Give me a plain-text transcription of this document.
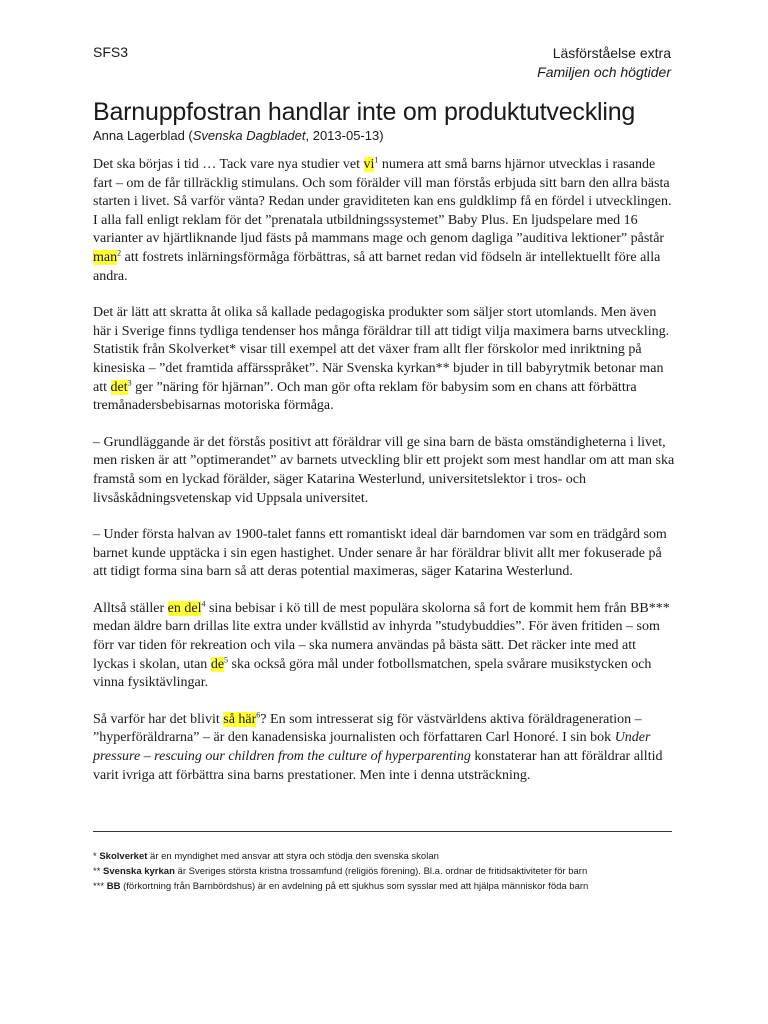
SFS3	Läsförståelse extra
Familjen och högtider
Barnuppfostran handlar inte om produktutveckling
Anna Lagerblad (Svenska Dagbladet, 2013-05-13)

Det ska börjas i tid … Tack vare nya studier vet $vi^1$ numera att små barns hjärnor utvecklas i rasande fart – om de får tillräcklig stimulans. Och som förälder vill man förstås erbjuda sitt barn den allra bästa starten i livet. Så varför vänta? Redan under graviditeten kan ens guldklimp få en fördel i utvecklingen. I alla fall enligt reklam för det ”prenatala utbildningssystemet” Baby Plus. En ljudspelare med 16 varianter av hjärtliknande ljud fästs på mammans mage och genom dagliga ”auditiva lektioner” påstår man$^2$ att fostrets inlärningsförmåga förbättras, så att barnet redan vid födseln är intellektuellt före alla andra.

Det är lätt att skratta åt olika så kallade pedagogiska produkter som säljer stort utomlands. Men även här i Sverige finns tydliga tendenser hos många föräldrar till att tidigt vilja maximera barns utveckling. Statistik från Skolverket* visar till exempel att det växer fram allt fler förskolor med inriktning på kinesiska – ”det framtida affärsspråket”. När Svenska kyrkan** bjuder in till babyrytmik betonar man att $\det^3$ ger ”näring för hjärnan”. Och man gör ofta reklam för babysim som en chans att förbättra tremånadersbebisarnas motoriska förmåga.

– Grundläggande är det förstås positivt att föräldrar vill ge sina barn de bästa omständigheterna i livet, men risken är att ”optimerandet” av barnets utveckling blir ett projekt som mest handlar om att man ska framstå som en lyckad förälder, säger Katarina Westerlund, universitetslektor i tros- och livsåskådningsvetenskap vid Uppsala universitet.

– Under första halvan av 1900-talet fanns ett romantiskt ideal där barndomen var som en trädgård som barnet kunde upptäcka i sin egen hastighet. Under senare år har föräldrar blivit allt mer fokuserade på att tidigt forma sina barn så att deras potential maximeras, säger Katarina Westerlund.

Alltså ställer en del$^4$ sina bebisar i kö till de mest populära skolorna så fort de kommit hem från BB*** medan äldre barn drillas lite extra under kvällstid av inhyrda ”studybuddies”. För även fritiden – som förr var tiden för rekreation och vila – ska numera användas på bästa sätt. Det räcker inte med att lyckas i skolan, utan $de^5$ ska också göra mål under fotbollsmatchen, spela svårare musikstycken och vinna fysiktävlingar.

Så varför har det blivit så här$^6$? En som intresserat sig för västvärldens aktiva föräldrageneration – ”hyperföräldrarna” – är den kanadensiska journalisten och författaren Carl Honoré. I sin bok Under pressure – rescuing our children from the culture of hyperparenting konstaterar han att föräldrar alltid varit ivriga att förbättra sina barns prestationer. Men inte i denna utsträckning.

* Skolverket är en myndighet med ansvar att styra och stödja den svenska skolan
** Svenska kyrkan är Sveriges största kristna trossamfund (religiös förening). Bl.a. ordnar de fritidsaktiviteter för barn
*** BB (förkortning från Barnbördshus) är en avdelning på ett sjukhus som sysslar med att hjälpa människor föda barn
